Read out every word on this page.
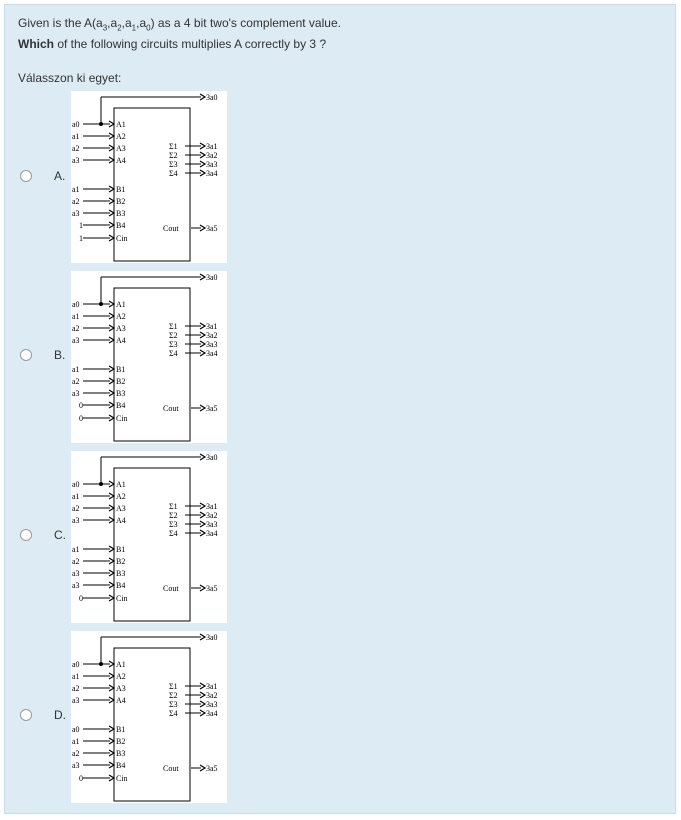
Given is the $A(a_3,a_2,a_1,a_0)$ as a 4 bit two's complement value.
Which of the following circuits multiplies A correctly by 3 ?
Válasszon ki egyet:
A.
a0	A1
a1	A2
a2	A3
a3	A4
3a0
a1	B1
a2	B2
a3	B3
1	B4
1	Cin
Σ1	3a1
Σ2	3a2
Σ3	3a3
Σ4	3a4
Cout	3a5
B.
a0	A1
a1	A2
a2	A3
a3	A4
3a0
a1	B1
a2	B2
a3	B3
0	B4
0	Cin
Σ1	3a1
Σ2	3a2
Σ3	3a3
Σ4	3a4
Cout	3a5
C.
a0	A1
a1	A2
a2	A3
a3	A4
3a0
a1	B1
a2	B2
a3	B3
a3	B4
0	Cin
Σ1	3a1
Σ2	3a2
Σ3	3a3
Σ4	3a4
Cout	3a5
D.
a0	A1
a1	A2
a2	A3
a3	A4
3a0
a0	B1
a1	B2
a2	B3
a3	B4
0	Cin
Σ1	3a1
Σ2	3a2
Σ3	3a3
Σ4	3a4
Cout	3a5
